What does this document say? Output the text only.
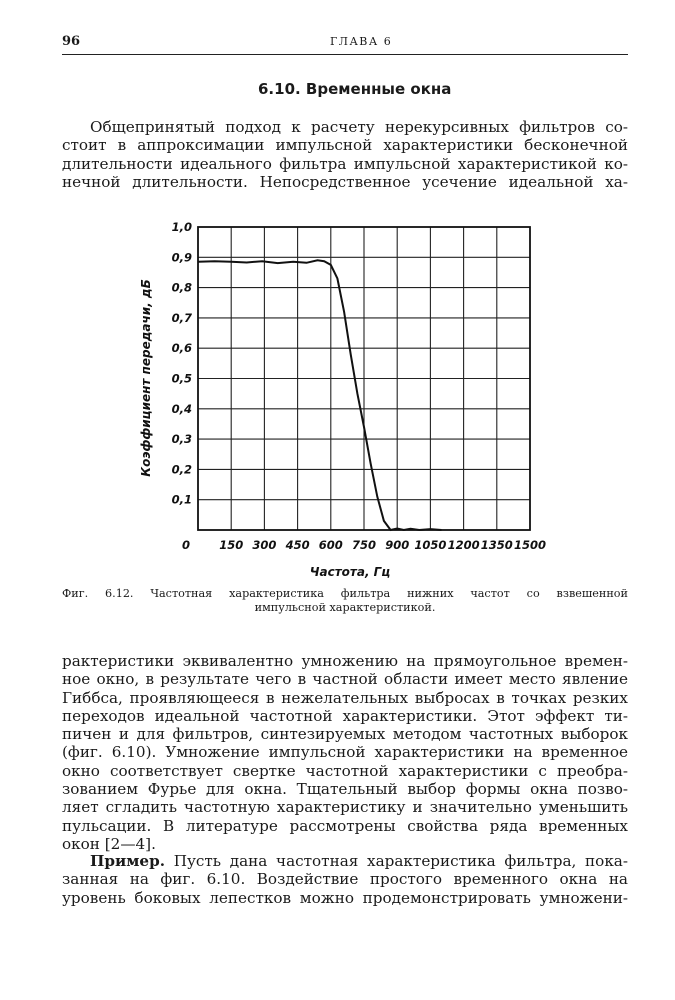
96	ГЛАВА 6
6.10. Временные окна

Общепринятый подход к расчету нерекурсивных фильтров со-
стоит в аппроксимации импульсной характеристики бесконечной
длительности идеального фильтра импульсной характеристикой ко-
нечной длительности. Непосредственное усечение идеальной ха-

1,0
0,9
0,8
0,7
0,6
0,5
0,4
0,3
0,2
0,1
0	150 300 450 600 750 900 1050 1200 1350 1500
Частота, Гц
Коэффициент передачи, дБ

Фиг. 6.12. Частотная характеристика фильтра нижних частот со взвешенной
импульсной характеристикой.

рактеристики эквивалентно умножению на прямоугольное времен-
ное окно, в результате чего в частной области имеет место явление
Гиббса, проявляющееся в нежелательных выбросах в точках резких
переходов идеальной частотной характеристики. Этот эффект ти-
пичен и для фильтров, синтезируемых методом частотных выборок
(фиг. 6.10). Умножение импульсной характеристики на временное
окно соответствует свертке частотной характеристики с преобра-
зованием Фурье для окна. Тщательный выбор формы окна позво-
ляет сгладить частотную характеристику и значительно уменьшить
пульсации. В литературе рассмотрены свойства ряда временных
окон [2—4].

Пример. Пусть дана частотная характеристика фильтра, пока-
занная на фиг. 6.10. Воздействие простого временного окна на
уровень боковых лепестков можно продемонстрировать умножени-
